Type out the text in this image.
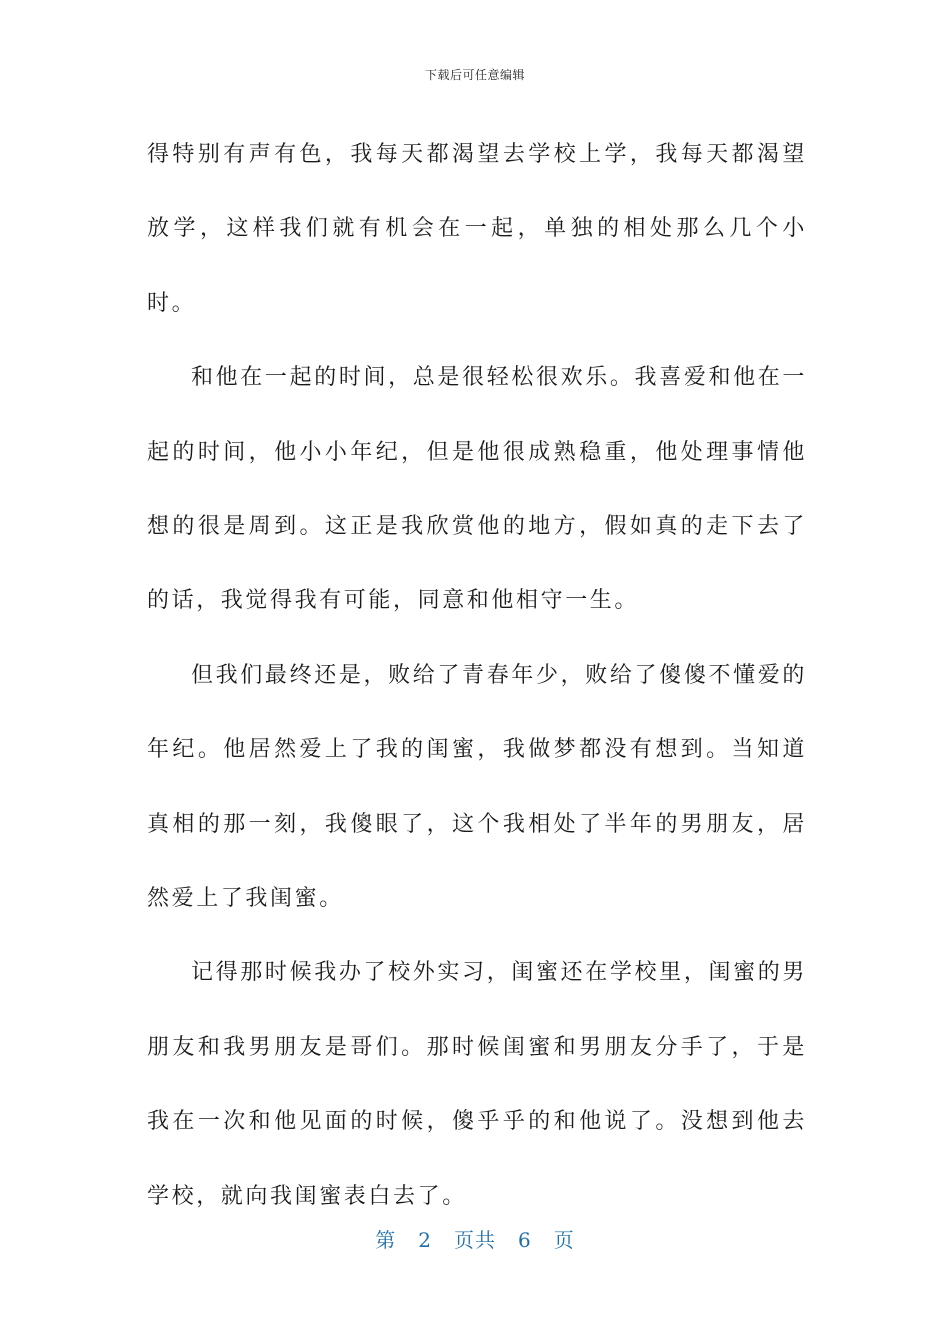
下载后可任意编辑

得特别有声有色，我每天都渴望去学校上学，我每天都渴望放学，这样我们就有机会在一起，单独的相处那么几个小时。

和他在一起的时间，总是很轻松很欢乐。我喜爱和他在一起的时间，他小小年纪，但是他很成熟稳重，他处理事情他想的很是周到。这正是我欣赏他的地方，假如真的走下去了的话，我觉得我有可能，同意和他相守一生。

但我们最终还是，败给了青春年少，败给了傻傻不懂爱的年纪。他居然爱上了我的闺蜜，我做梦都没有想到。当知道真相的那一刻，我傻眼了，这个我相处了半年的男朋友，居然爱上了我闺蜜。

记得那时候我办了校外实习，闺蜜还在学校里，闺蜜的男朋友和我男朋友是哥们。那时候闺蜜和男朋友分手了，于是我在一次和他见面的时候，傻乎乎的和他说了。没想到他去学校，就向我闺蜜表白去了。

第 2 页共 6 页
